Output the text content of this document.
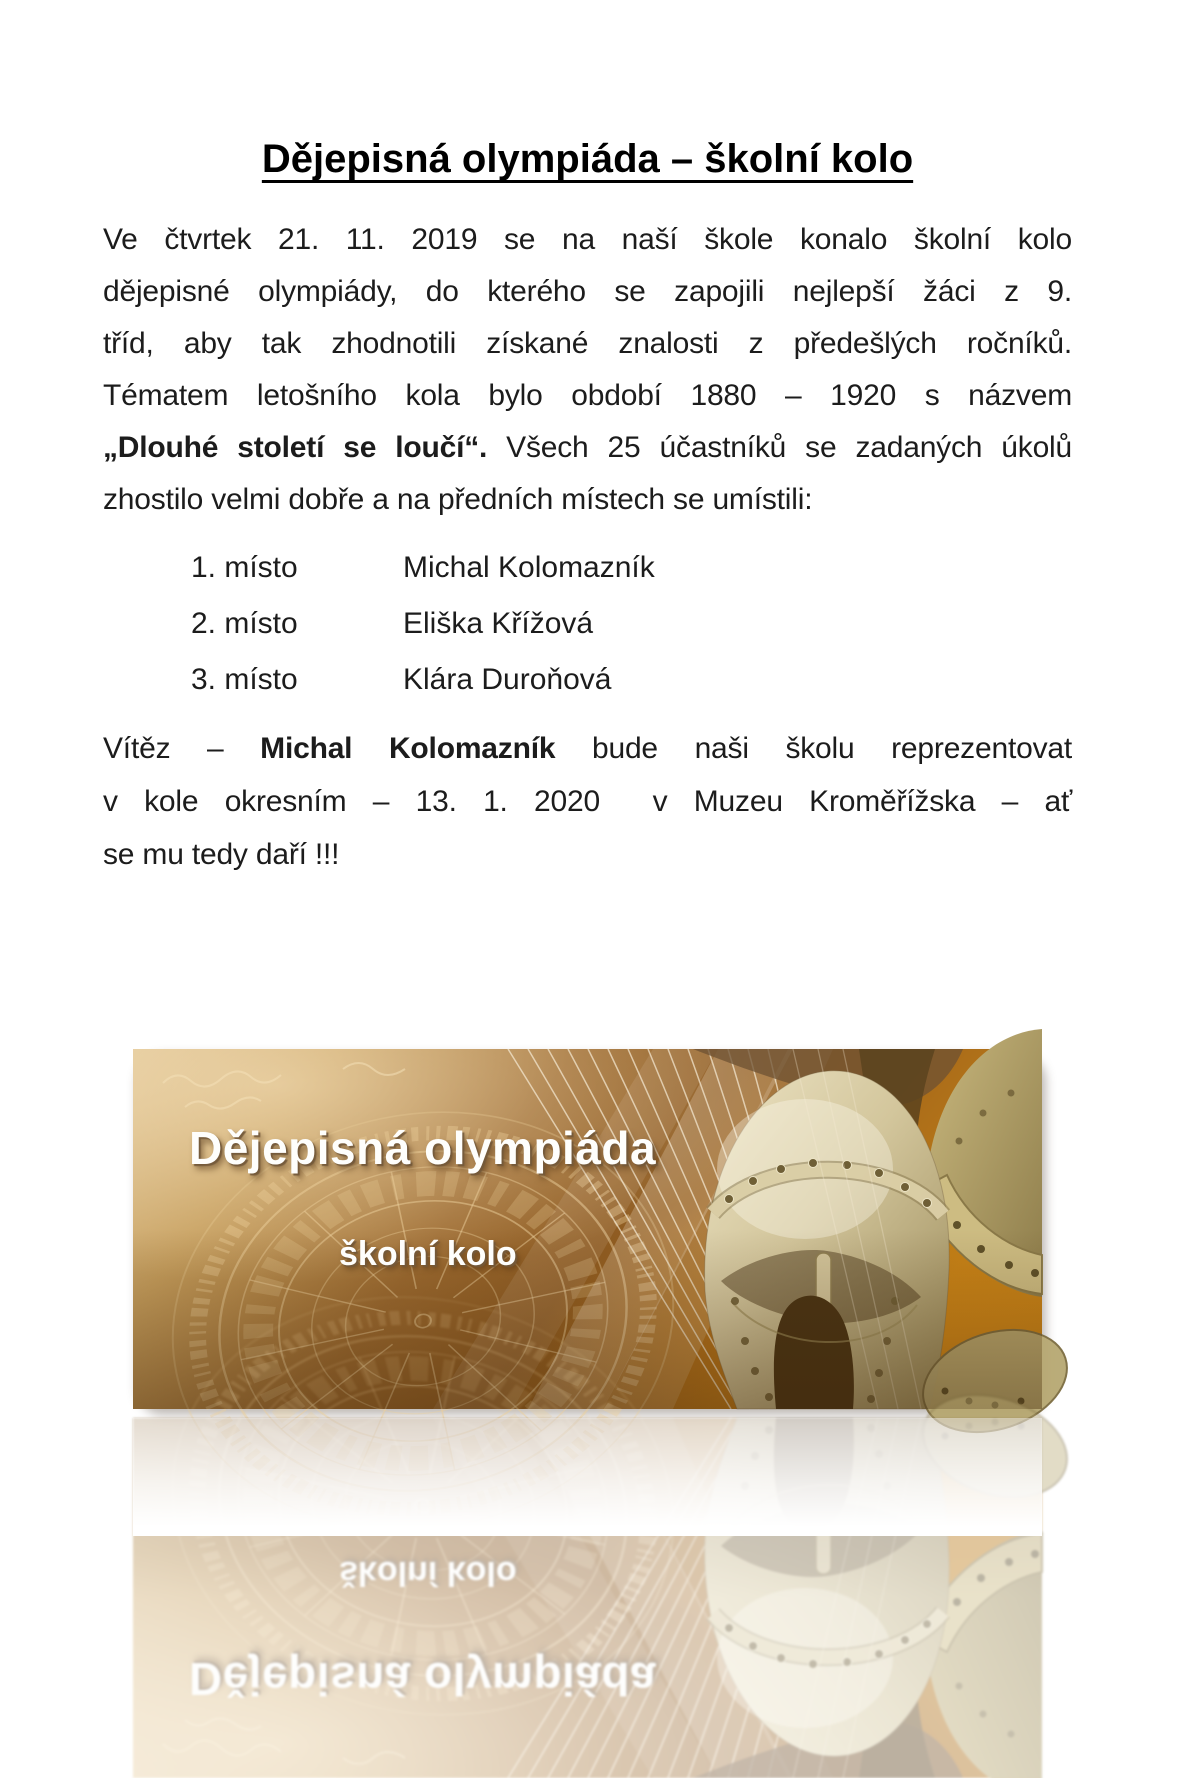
Dějepisná olympiáda – školní kolo
Ve čtvrtek 21. 11. 2019 se na naší škole konalo školní kolo
dějepisné olympiády, do kterého se zapojili nejlepší žáci z 9.
tříd, aby tak zhodnotili získané znalosti z předešlých ročníků.
Tématem letošního kola bylo období 1880 – 1920 s názvem
„Dlouhé století se loučí“. Všech 25 účastníků se zadaných úkolů
zhostilo velmi dobře a na předních místech se umístili:
1. místo	Michal Kolomazník
2. místo	Eliška Křížová
3. místo	Klára Duroňová
Vítěz – Michal Kolomazník bude naši školu reprezentovat
v kole okresním – 13. 1. 2020  v Muzeu Kroměřížska – ať
se mu tedy daří !!!
Dějepisná olympiáda
školní kolo
Dějepisná olympiáda
školní kolo
